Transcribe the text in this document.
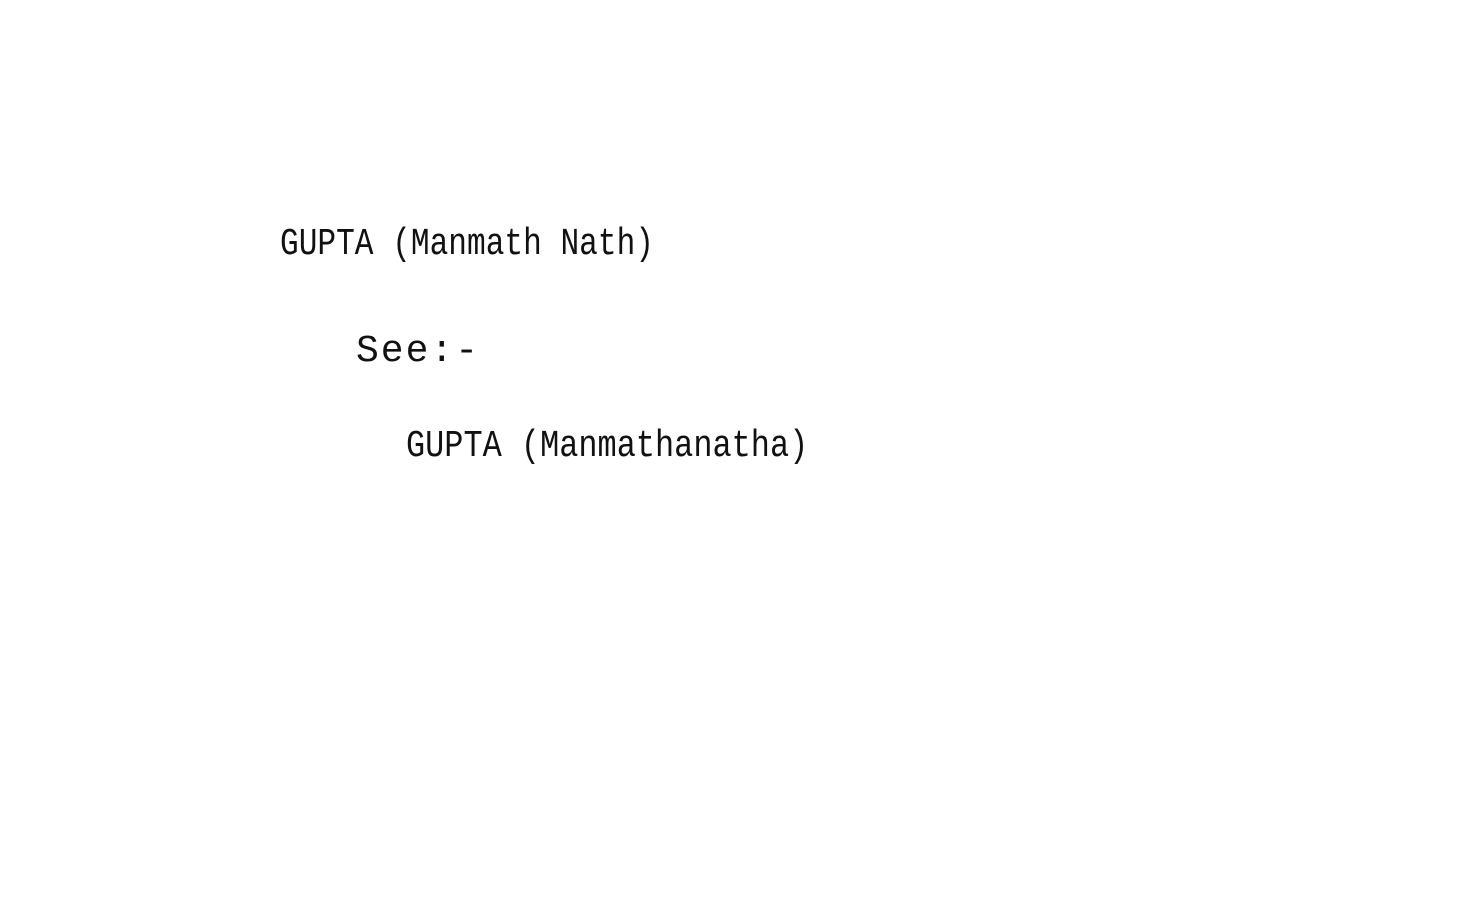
GUPTA (Manmath Nath)
See:-
GUPTA (Manmathanatha)
